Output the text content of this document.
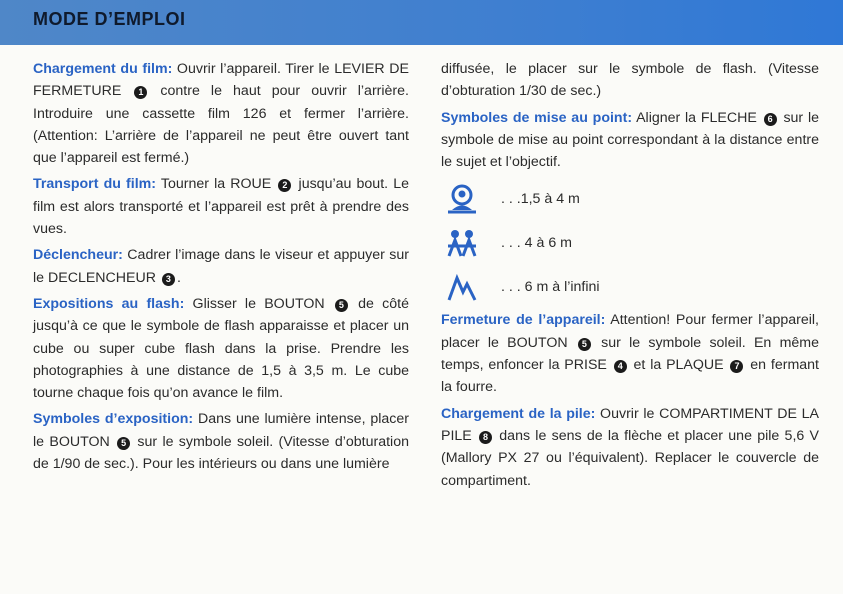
MODE D’EMPLOI

Chargement du film: Ouvrir l’appareil. Tirer le LEVIER DE FERMETURE 1 contre le haut pour ouvrir l’arrière. Introduire une cassette film 126 et fermer l’arrière. (Attention: L’arrière de l’appareil ne peut être ouvert tant que l’appareil est fermé.)

Transport du film: Tourner la ROUE 2 jusqu’au bout. Le film est alors transporté et l’appareil est prêt à prendre des vues.

Déclencheur: Cadrer l’image dans le viseur et appuyer sur le DECLENCHEUR 3 .

Expositions au flash: Glisser le BOUTON 5 de côté jusqu’à ce que le symbole de flash apparaisse et placer un cube ou super cube flash dans la prise. Prendre les photographies à une distance de 1,5 à 3,5 m. Le cube tourne chaque fois qu’on avance le film.

Symboles d’exposition: Dans une lumière intense, placer le BOUTON 5 sur le symbole soleil. (Vitesse d’obturation de 1/90 de sec.). Pour les intérieurs ou dans une lumière

diffusée, le placer sur le symbole de flash. (Vitesse d’obturation 1/30 de sec.)

Symboles de mise au point: Aligner la FLECHE 6 sur le symbole de mise au point correspondant à la distance entre le sujet et l’objectif.

. . .1,5 à 4 m
. . . 4 à 6 m
. . . 6 m à l’infini

Fermeture de l’appareil: Attention! Pour fermer l’appareil, placer le BOUTON 5 sur le symbole soleil. En même temps, enfoncer la PRISE 4 et la PLAQUE 7 en fermant la fourre.

Chargement de la pile: Ouvrir le COMPARTIMENT DE LA PILE 8 dans le sens de la flèche et placer une pile 5,6 V (Mallory PX 27 ou l’équivalent). Replacer le couvercle de compartiment.
